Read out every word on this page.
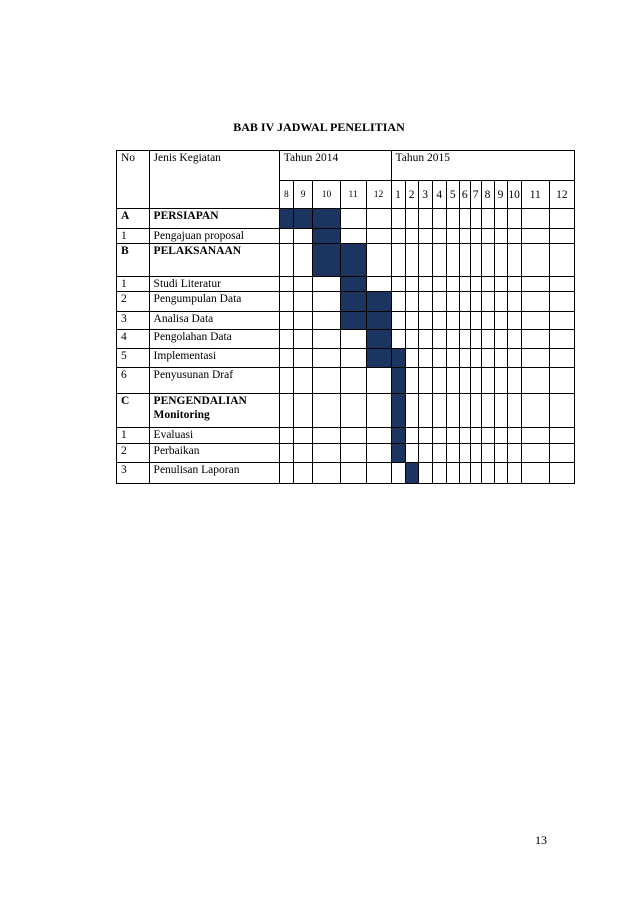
BAB IV JADWAL PENELITIAN
No	Jenis Kegiatan	Tahun 2014					Tahun 2015											
		8	9	10	11	12	1	2	3	4	5	6	7	8	9	10	11	12
A	PERSIAPAN																	
1	Pengajuan proposal																	
B	PELAKSANAAN																	
1	Studi Literatur																	
2	Pengumpulan Data																	
3	Analisa Data																	
4	Pengolahan Data																	
5	Implementasi																	
6	Penyusunan Draf																	
C	PENGENDALIAN
Monitoring																	
1	Evaluasi																	
2	Perbaikan																	
3	Penulisan Laporan																	
13
